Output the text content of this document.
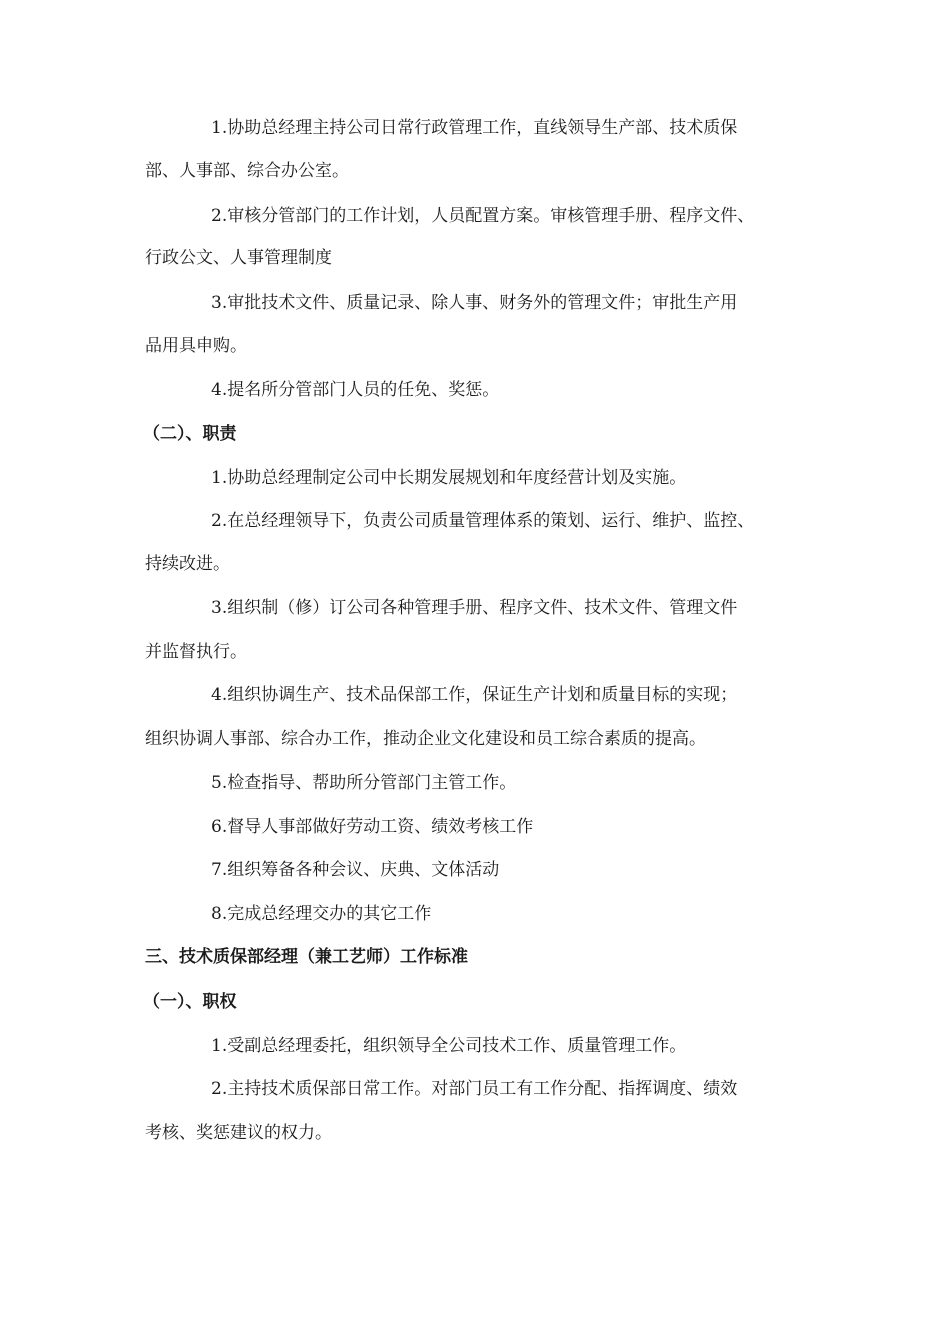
1.协助总经理主持公司日常行政管理工作，直线领导生产部、技术质保
部、人事部、综合办公室。
2.审核分管部门的工作计划，人员配置方案。审核管理手册、程序文件、
行政公文、人事管理制度
3.审批技术文件、质量记录、除人事、财务外的管理文件；审批生产用
品用具申购。
4.提名所分管部门人员的任免、奖惩。
（二）、职责
1.协助总经理制定公司中长期发展规划和年度经营计划及实施。
2.在总经理领导下，负责公司质量管理体系的策划、运行、维护、监控、
持续改进。
3.组织制（修）订公司各种管理手册、程序文件、技术文件、管理文件
并监督执行。
4.组织协调生产、技术品保部工作，保证生产计划和质量目标的实现；
组织协调人事部、综合办工作，推动企业文化建设和员工综合素质的提高。
5.检查指导、帮助所分管部门主管工作。
6.督导人事部做好劳动工资、绩效考核工作
7.组织筹备各种会议、庆典、文体活动
8.完成总经理交办的其它工作
三、技术质保部经理（兼工艺师）工作标准
（一）、职权
1.受副总经理委托，组织领导全公司技术工作、质量管理工作。
2.主持技术质保部日常工作。对部门员工有工作分配、指挥调度、绩效
考核、奖惩建议的权力。
